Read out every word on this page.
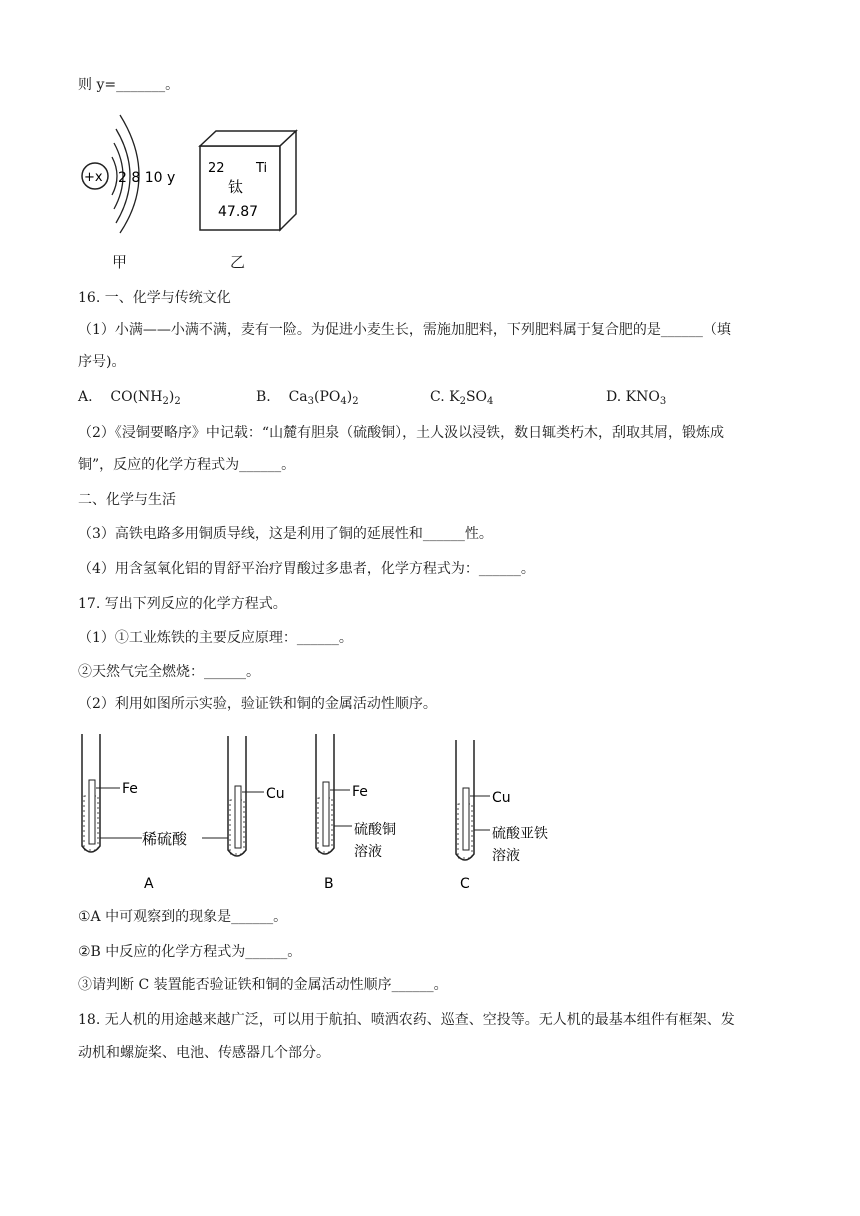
则 y=_______。
+x 2 8 10 y
甲
22 Ti
钛
47.87
乙
16. 一、化学与传统文化
（1）小满——小满不满，麦有一险。为促进小麦生长，需施加肥料，下列肥料属于复合肥的是______（填
序号)。
A. $CO(NH_2)_2$	B. $Ca_3(PO_4)_2$	C. $K_2SO_4$	D. $KNO_3$
（2）《浸铜要略序》中记载：“山麓有胆泉（硫酸铜），土人汲以浸铁，数日辄类朽木，刮取其屑，锻炼成
铜”，反应的化学方程式为______。
二、化学与生活
（3）高铁电路多用铜质导线，这是利用了铜的延展性和______性。
（4）用含氢氧化铝的胃舒平治疗胃酸过多患者，化学方程式为：______。
17. 写出下列反应的化学方程式。
（1）①工业炼铁的主要反应原理：______。
②天然气完全燃烧：______。
（2）利用如图所示实验，验证铁和铜的金属活动性顺序。
Fe
稀硫酸
Cu	Fe
硫酸铜
溶液
Cu
硫酸亚铁
溶液
A	B	C
①A 中可观察到的现象是______。
②B 中反应的化学方程式为______。
③请判断 C 装置能否验证铁和铜的金属活动性顺序______。
18. 无人机的用途越来越广泛，可以用于航拍、喷洒农药、巡查、空投等。无人机的最基本组件有框架、发
动机和螺旋桨、电池、传感器几个部分。
